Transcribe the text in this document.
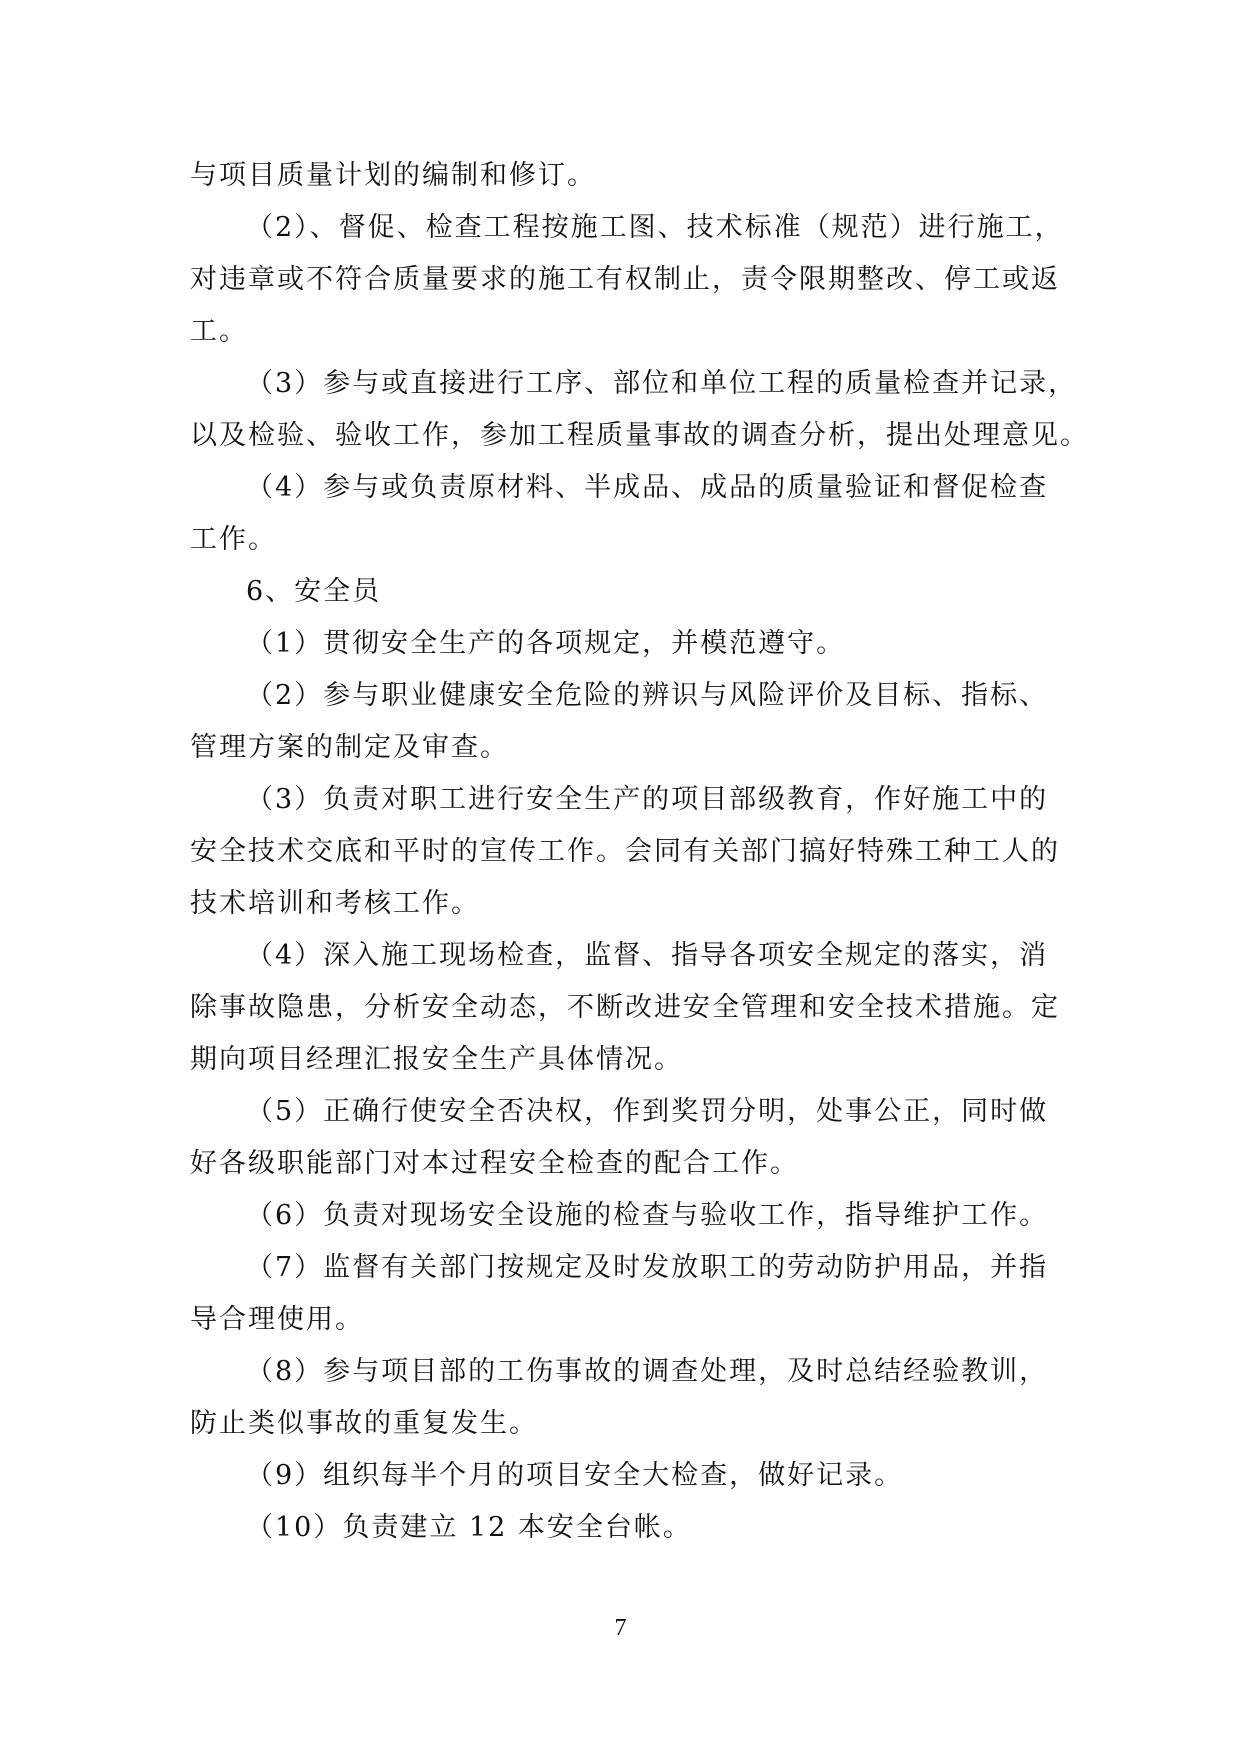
与项目质量计划的编制和修订。
（2）、督促、检查工程按施工图、技术标准（规范）进行施工，
对违章或不符合质量要求的施工有权制止，责令限期整改、停工或返
工。
（3）参与或直接进行工序、部位和单位工程的质量检查并记录，
以及检验、验收工作，参加工程质量事故的调查分析，提出处理意见。
（4）参与或负责原材料、半成品、成品的质量验证和督促检查
工作。
6、安全员
（1）贯彻安全生产的各项规定，并模范遵守。
（2）参与职业健康安全危险的辨识与风险评价及目标、指标、
管理方案的制定及审查。
（3）负责对职工进行安全生产的项目部级教育，作好施工中的
安全技术交底和平时的宣传工作。会同有关部门搞好特殊工种工人的
技术培训和考核工作。
（4）深入施工现场检查，监督、指导各项安全规定的落实，消
除事故隐患，分析安全动态，不断改进安全管理和安全技术措施。定
期向项目经理汇报安全生产具体情况。
（5）正确行使安全否决权，作到奖罚分明，处事公正，同时做
好各级职能部门对本过程安全检查的配合工作。
（6）负责对现场安全设施的检查与验收工作，指导维护工作。
（7）监督有关部门按规定及时发放职工的劳动防护用品，并指
导合理使用。
（8）参与项目部的工伤事故的调查处理，及时总结经验教训，
防止类似事故的重复发生。
（9）组织每半个月的项目安全大检查，做好记录。
（10）负责建立 12 本安全台帐。
7
